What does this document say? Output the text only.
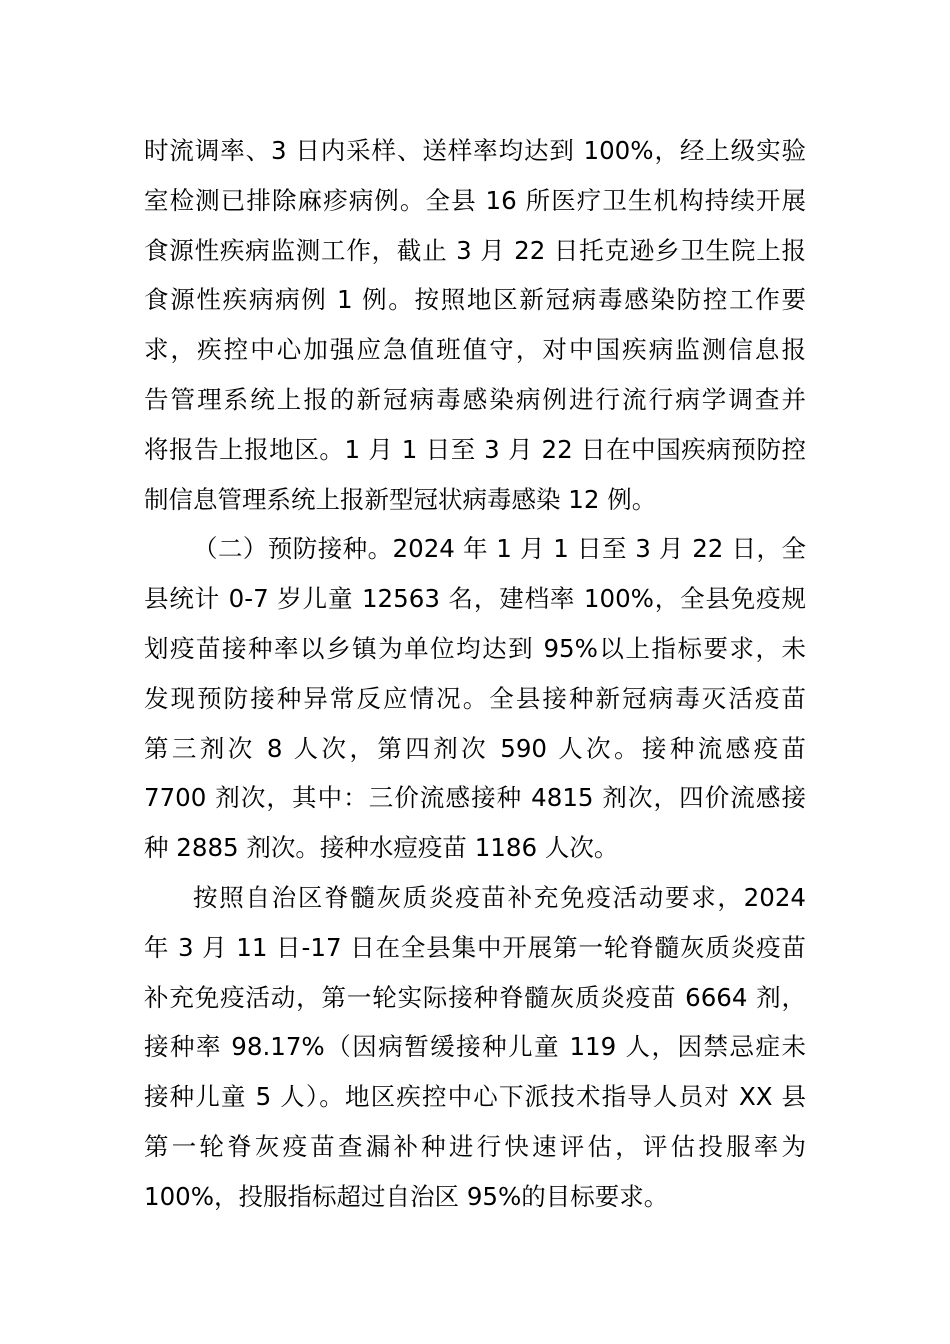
时流调率、3 日内采样、送样率均达到 100%，经上级实验
室检测已排除麻疹病例。全县 16 所医疗卫生机构持续开展
食源性疾病监测工作，截止 3 月 22 日托克逊乡卫生院上报
食源性疾病病例 1 例。按照地区新冠病毒感染防控工作要
求，疾控中心加强应急值班值守，对中国疾病监测信息报
告管理系统上报的新冠病毒感染病例进行流行病学调查并
将报告上报地区。1 月 1 日至 3 月 22 日在中国疾病预防控
制信息管理系统上报新型冠状病毒感染 12 例。
（二）预防接种。2024 年 1 月 1 日至 3 月 22 日，全
县统计 0-7 岁儿童 12563 名，建档率 100%，全县免疫规
划疫苗接种率以乡镇为单位均达到 95%以上指标要求，未
发现预防接种异常反应情况。全县接种新冠病毒灭活疫苗
第三剂次 8 人次，第四剂次 590 人次。接种流感疫苗
7700 剂次，其中：三价流感接种 4815 剂次，四价流感接
种 2885 剂次。接种水痘疫苗 1186 人次。
按照自治区脊髓灰质炎疫苗补充免疫活动要求，2024
年 3 月 11 日-17 日在全县集中开展第一轮脊髓灰质炎疫苗
补充免疫活动，第一轮实际接种脊髓灰质炎疫苗 6664 剂，
接种率 98.17%（因病暂缓接种儿童 119 人，因禁忌症未
接种儿童 5 人）。地区疾控中心下派技术指导人员对 XX 县
第一轮脊灰疫苗查漏补种进行快速评估，评估投服率为
100%，投服指标超过自治区 95%的目标要求。
